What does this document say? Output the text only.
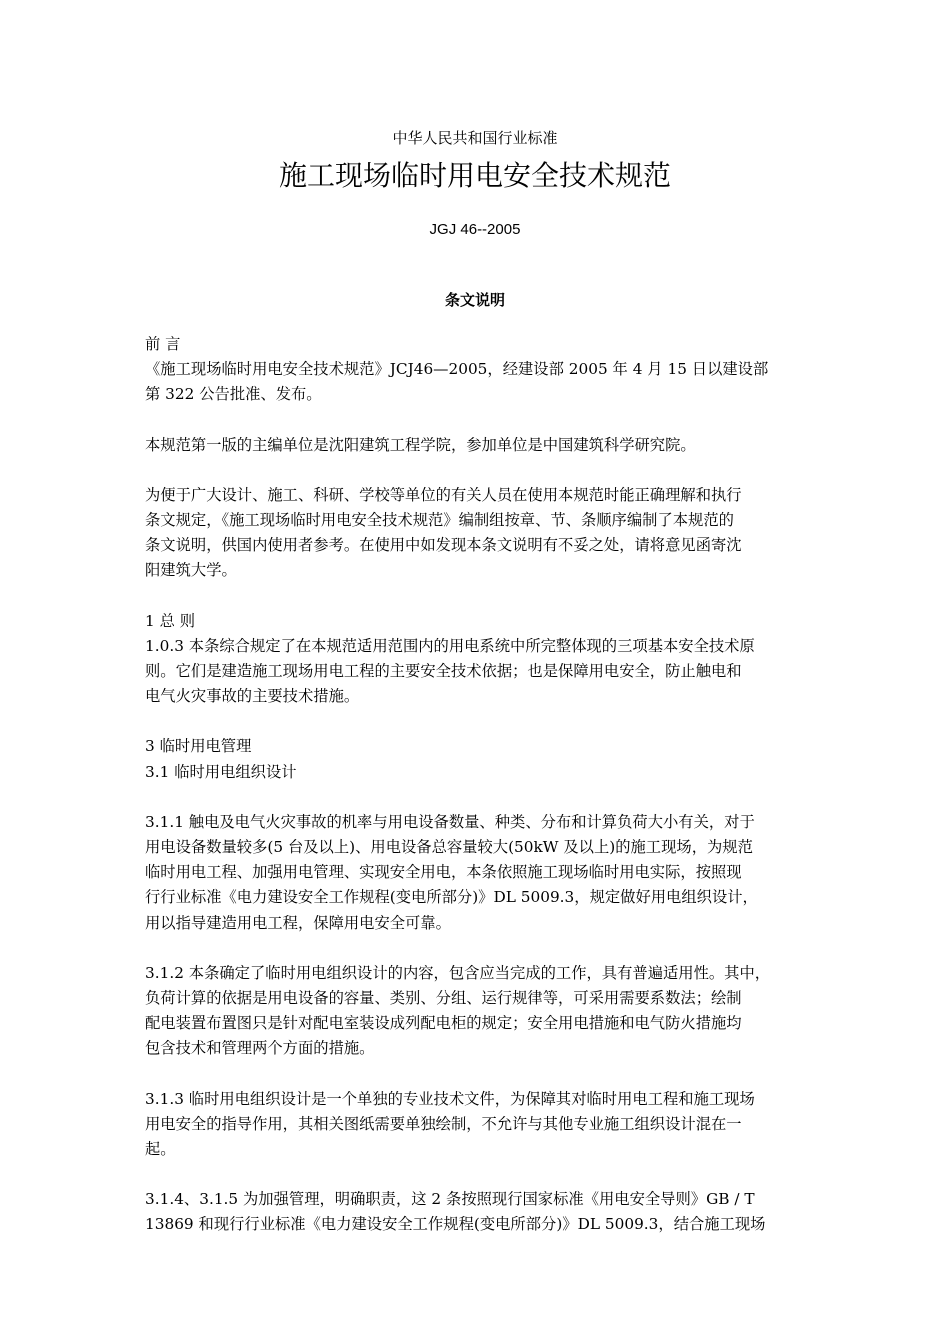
中华人民共和国行业标准
施工现场临时用电安全技术规范
JGJ 46--2005
条文说明

前 言

《施工现场临时用电安全技术规范》JCJ46—2005，经建设部 2005 年 4 月 15 日以建设部

第 322 公告批准、发布。

本规范第一版的主编单位是沈阳建筑工程学院，参加单位是中国建筑科学研究院。

为便于广大设计、施工、科研、学校等单位的有关人员在使用本规范时能正确理解和执行

条文规定，《施工现场临时用电安全技术规范》编制组按章、节、条顺序编制了本规范的

条文说明，供国内使用者参考。在使用中如发现本条文说明有不妥之处，请将意见函寄沈

阳建筑大学。

1 总 则

1.0.3 本条综合规定了在本规范适用范围内的用电系统中所完整体现的三项基本安全技术原

则。它们是建造施工现场用电工程的主要安全技术依据；也是保障用电安全，防止触电和

电气火灾事故的主要技术措施。

3 临时用电管理

3.1 临时用电组织设计

3.1.1 触电及电气火灾事故的机率与用电设备数量、种类、分布和计算负荷大小有关，对于

用电设备数量较多(5 台及以上)、用电设备总容量较大(50kW 及以上)的施工现场，为规范

临时用电工程、加强用电管理、实现安全用电，本条依照施工现场临时用电实际，按照现

行行业标准《电力建设安全工作规程(变电所部分)》DL 5009.3，规定做好用电组织设计，

用以指导建造用电工程，保障用电安全可靠。

3.1.2 本条确定了临时用电组织设计的内容，包含应当完成的工作，具有普遍适用性。其中，

负荷计算的依据是用电设备的容量、类别、分组、运行规律等，可采用需要系数法；绘制

配电装置布置图只是针对配电室装设成列配电柜的规定；安全用电措施和电气防火措施均

包含技术和管理两个方面的措施。

3.1.3 临时用电组织设计是一个单独的专业技术文件，为保障其对临时用电工程和施工现场

用电安全的指导作用，其相关图纸需要单独绘制，不允许与其他专业施工组织设计混在一

起。

3.1.4、3.1.5 为加强管理，明确职责，这 2 条按照现行国家标准《用电安全导则》GB / T

13869 和现行行业标准《电力建设安全工作规程(变电所部分)》DL 5009.3，结合施工现场
